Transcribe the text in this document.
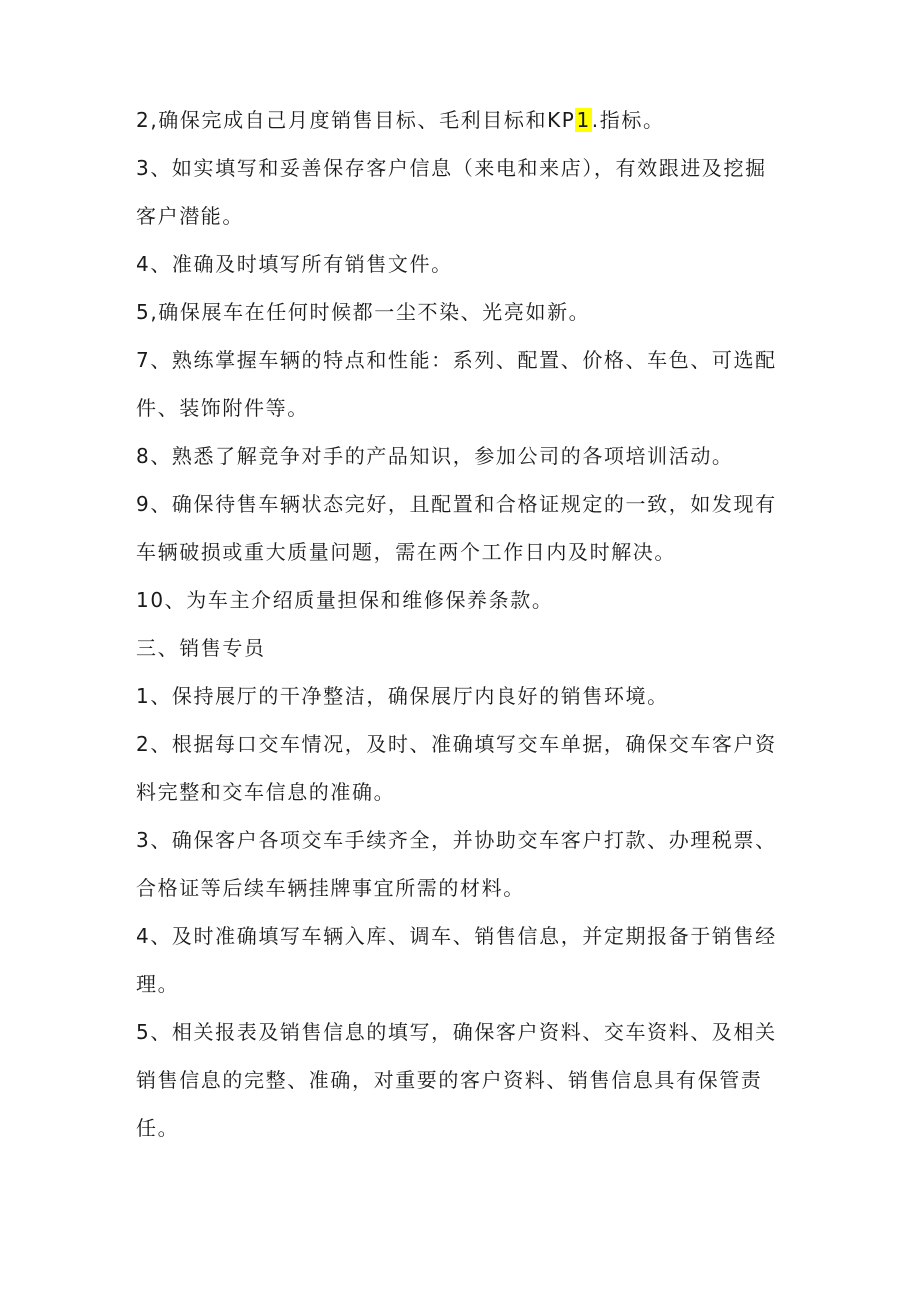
2,确保完成自己月度销售目标、毛利目标和KP1.指标。

3、如实填写和妥善保存客户信息（来电和来店），有效跟进及挖掘客户潜能。

4、准确及时填写所有销售文件。

5,确保展车在任何时候都一尘不染、光亮如新。

7、熟练掌握车辆的特点和性能：系列、配置、价格、车色、可选配件、装饰附件等。

8、熟悉了解竞争对手的产品知识，参加公司的各项培训活动。

9、确保待售车辆状态完好，且配置和合格证规定的一致，如发现有车辆破损或重大质量问题，需在两个工作日内及时解决。

10、为车主介绍质量担保和维修保养条款。

三、销售专员

1、保持展厅的干净整洁，确保展厅内良好的销售环境。

2、根据每口交车情况，及时、准确填写交车单据，确保交车客户资料完整和交车信息的准确。

3、确保客户各项交车手续齐全，并协助交车客户打款、办理税票、合格证等后续车辆挂牌事宜所需的材料。

4、及时准确填写车辆入库、调车、销售信息，并定期报备于销售经理。

5、相关报表及销售信息的填写，确保客户资料、交车资料、及相关销售信息的完整、准确，对重要的客户资料、销售信息具有保管责任。
